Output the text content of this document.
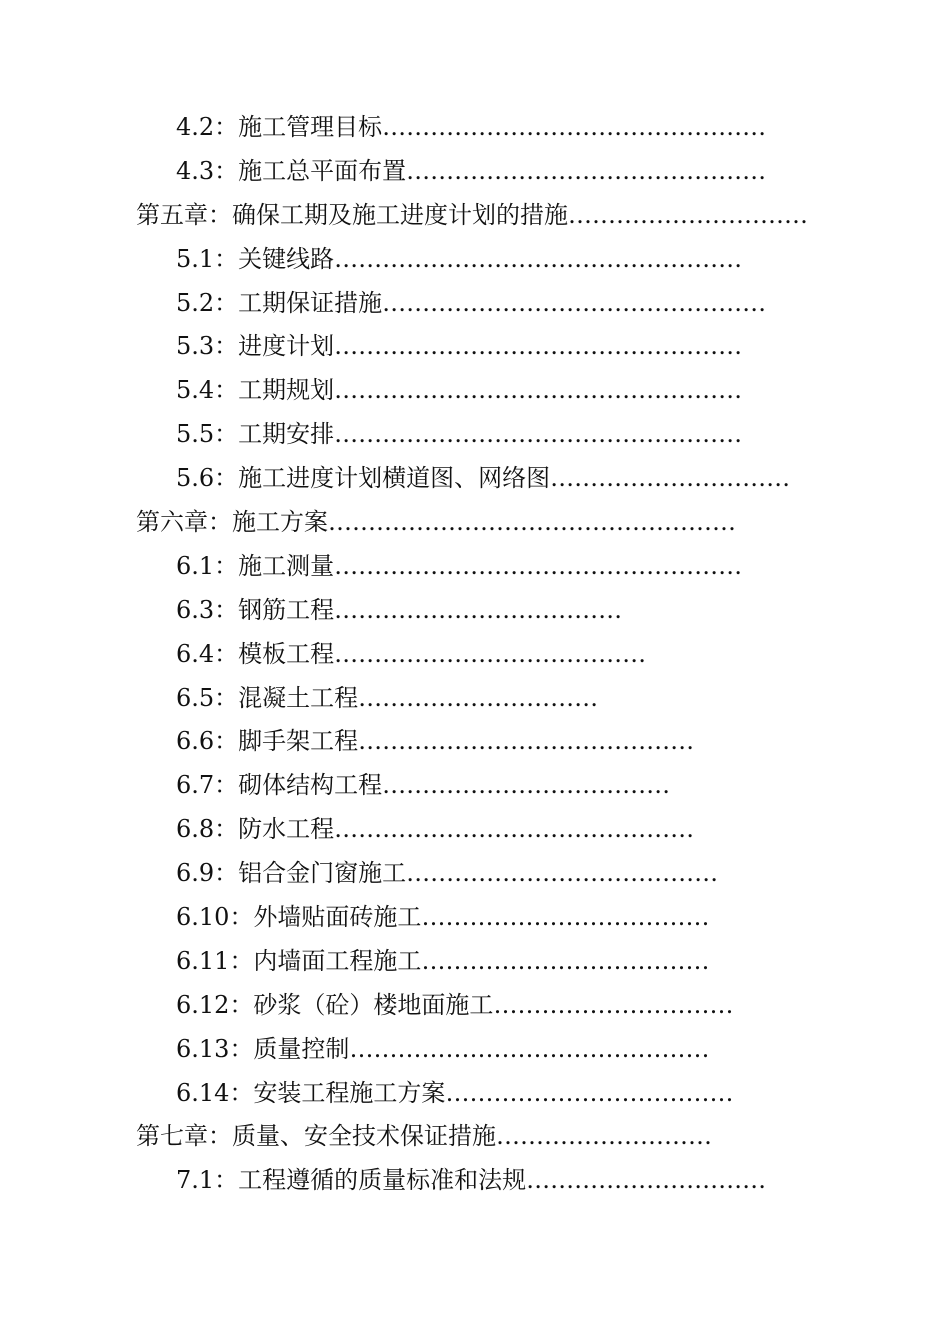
4.2：施工管理目标…………………………………………
4.3：施工总平面布置………………………………………
第五章：确保工期及施工进度计划的措施…………………………
5.1：关键线路……………………………………………
5.2：工期保证措施…………………………………………
5.3：进度计划……………………………………………
5.4：工期规划……………………………………………
5.5：工期安排……………………………………………
5.6：施工进度计划横道图、网络图…………………………
第六章：施工方案……………………………………………
6.1：施工测量……………………………………………
6.3：钢筋工程………………………………
6.4：模板工程…………………………………
6.5：混凝土工程…………………………
6.6：脚手架工程……………………………………
6.7：砌体结构工程………………………………
6.8：防水工程………………………………………
6.9：铝合金门窗施工…………………………………
6.10：外墙贴面砖施工………………………………
6.11：内墙面工程施工………………………………
6.12：砂浆（砼）楼地面施工…………………………
6.13：质量控制………………………………………
6.14：安装工程施工方案………………………………
第七章：质量、安全技术保证措施………………………
7.1：工程遵循的质量标准和法规…………………………
